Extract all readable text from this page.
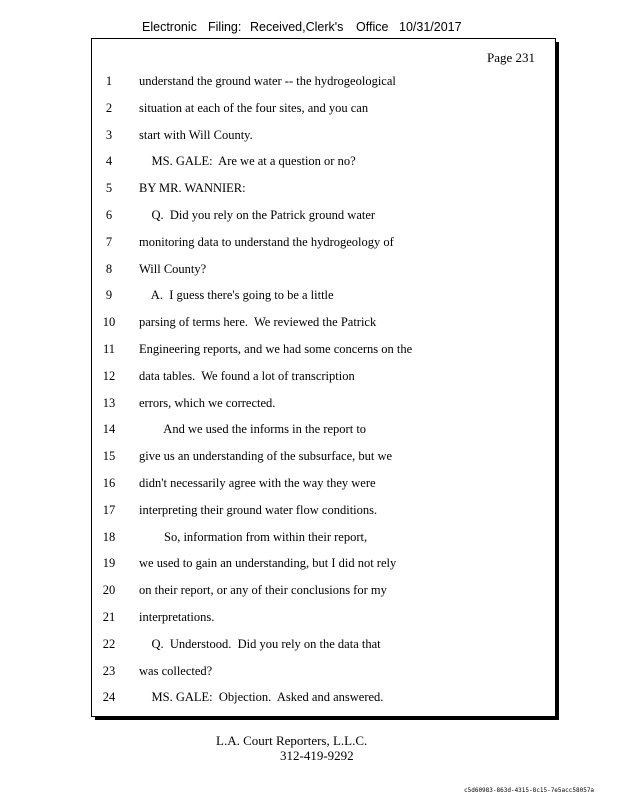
Electronic Filing: Received,Clerk's Office 10/31/2017
Page 231
1	understand the ground water -- the hydrogeological
2	situation at each of the four sites, and you can
3	start with Will County.
4	MS. GALE:  Are we at a question or no?
5	BY MR. WANNIER:
6	Q.  Did you rely on the Patrick ground water
7	monitoring data to understand the hydrogeology of
8	Will County?
9	A.  I guess there's going to be a little
10 parsing of terms here.  We reviewed the Patrick
11 Engineering reports, and we had some concerns on the
12 data tables.  We found a lot of transcription
13 errors, which we corrected.
14 And we used the informs in the report to
15 give us an understanding of the subsurface, but we
16 didn't necessarily agree with the way they were
17 interpreting their ground water flow conditions.
18 So, information from within their report,
19 we used to gain an understanding, but I did not rely
20 on their report, or any of their conclusions for my
21 interpretations.
22 Q.  Understood.  Did you rely on the data that
23 was collected?
24 MS. GALE:  Objection.  Asked and answered.
L.A. Court Reporters, L.L.C.
312-419-9292
c5d60983-863d-4315-8c15-7e5acc58057a
